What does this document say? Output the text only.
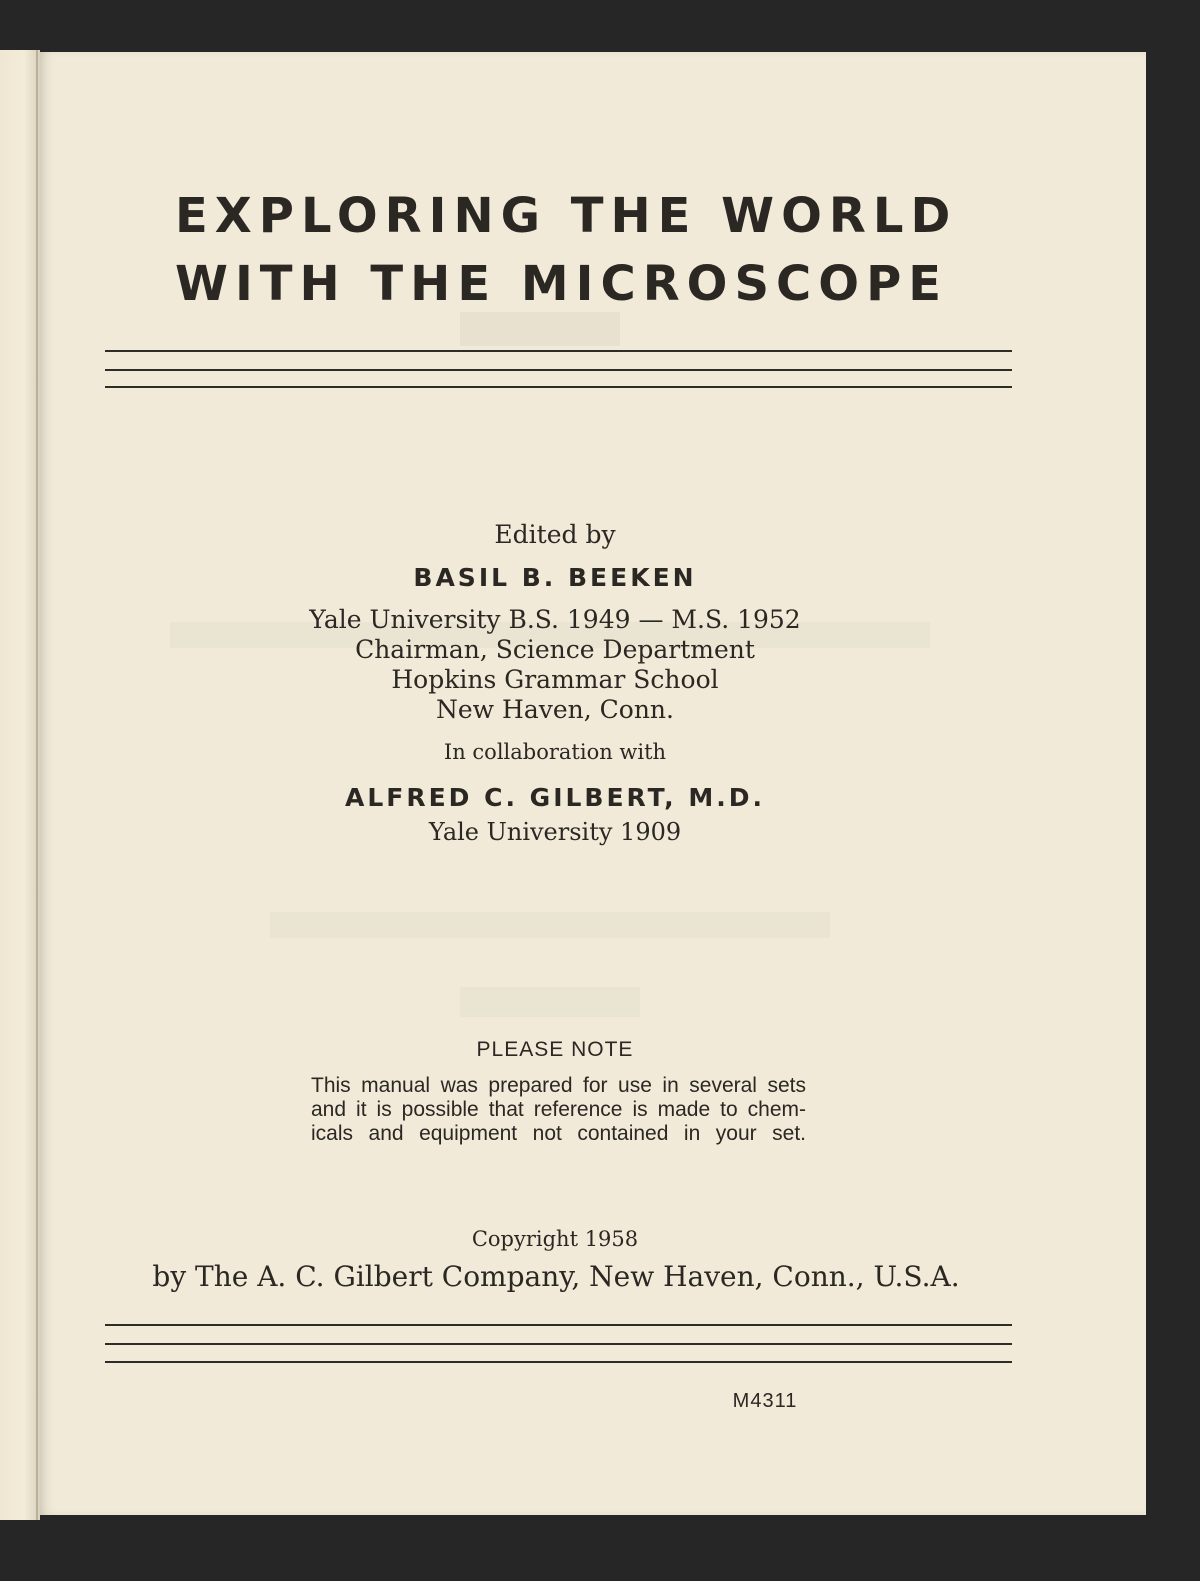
EXPLORING THE WORLD
WITH THE MICROSCOPE
Edited by
BASIL B. BEEKEN
Yale University B.S. 1949 — M.S. 1952
Chairman, Science Department
Hopkins Grammar School
New Haven, Conn.
In collaboration with
ALFRED C. GILBERT, M.D.
Yale University 1909
PLEASE NOTE
This manual was prepared for use in several sets
and it is possible that reference is made to chem-
icals and equipment not contained in your set.
Copyright 1958
by The A. C. Gilbert Company, New Haven, Conn., U.S.A.
M4311
